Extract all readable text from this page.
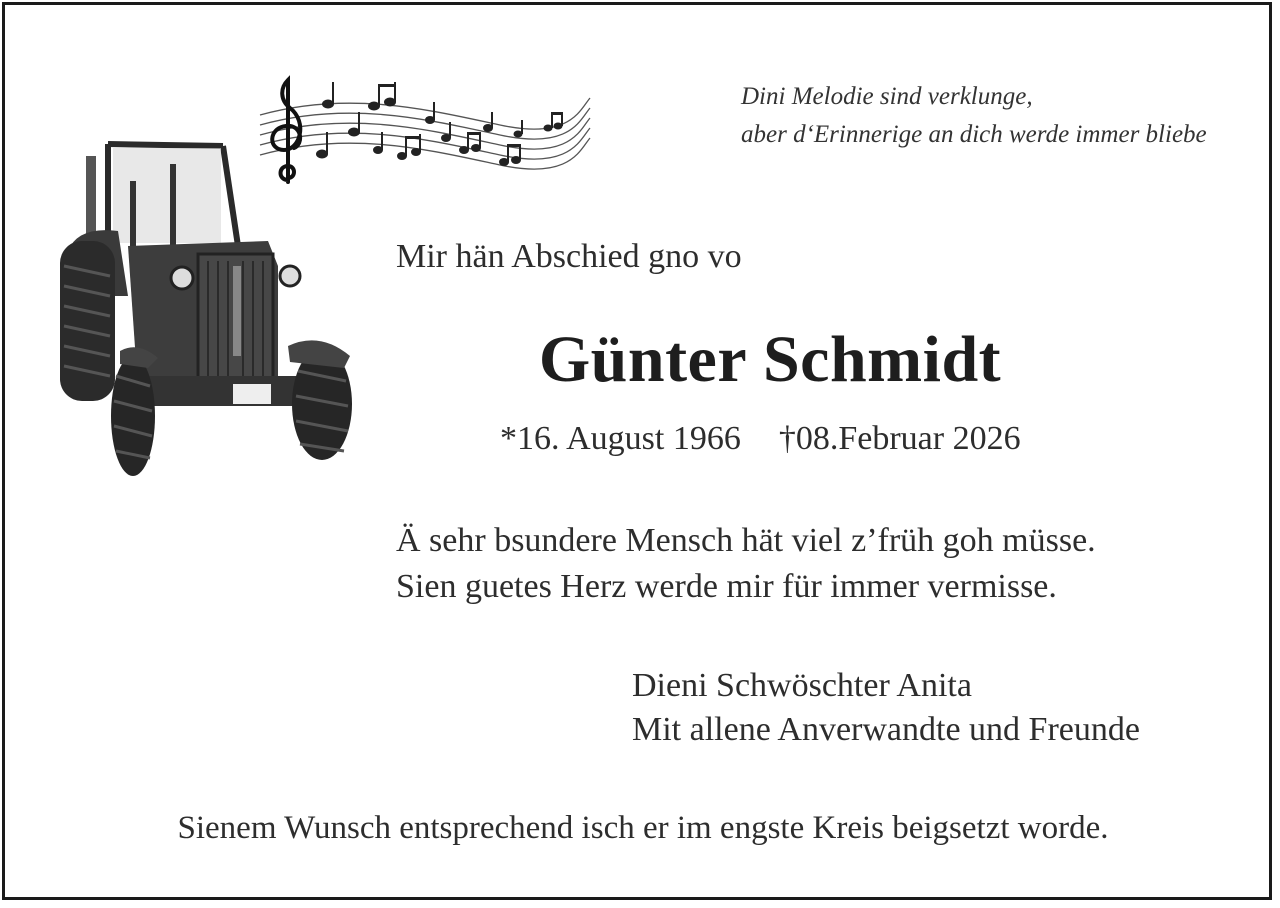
Dini Melodie sind verklunge,
aber d‘Erinnerige an dich werde immer bliebe
Mir hän Abschied gno vo
Günter Schmidt
*16. August 1966 †08.Februar 2026
Ä sehr bsundere Mensch hät viel z’früh goh müsse.
Sien guetes Herz werde mir für immer vermisse.
Dieni Schwöschter Anita
Mit allene Anverwandte und Freunde
Sienem Wunsch entsprechend isch er im engste Kreis beigsetzt worde.
